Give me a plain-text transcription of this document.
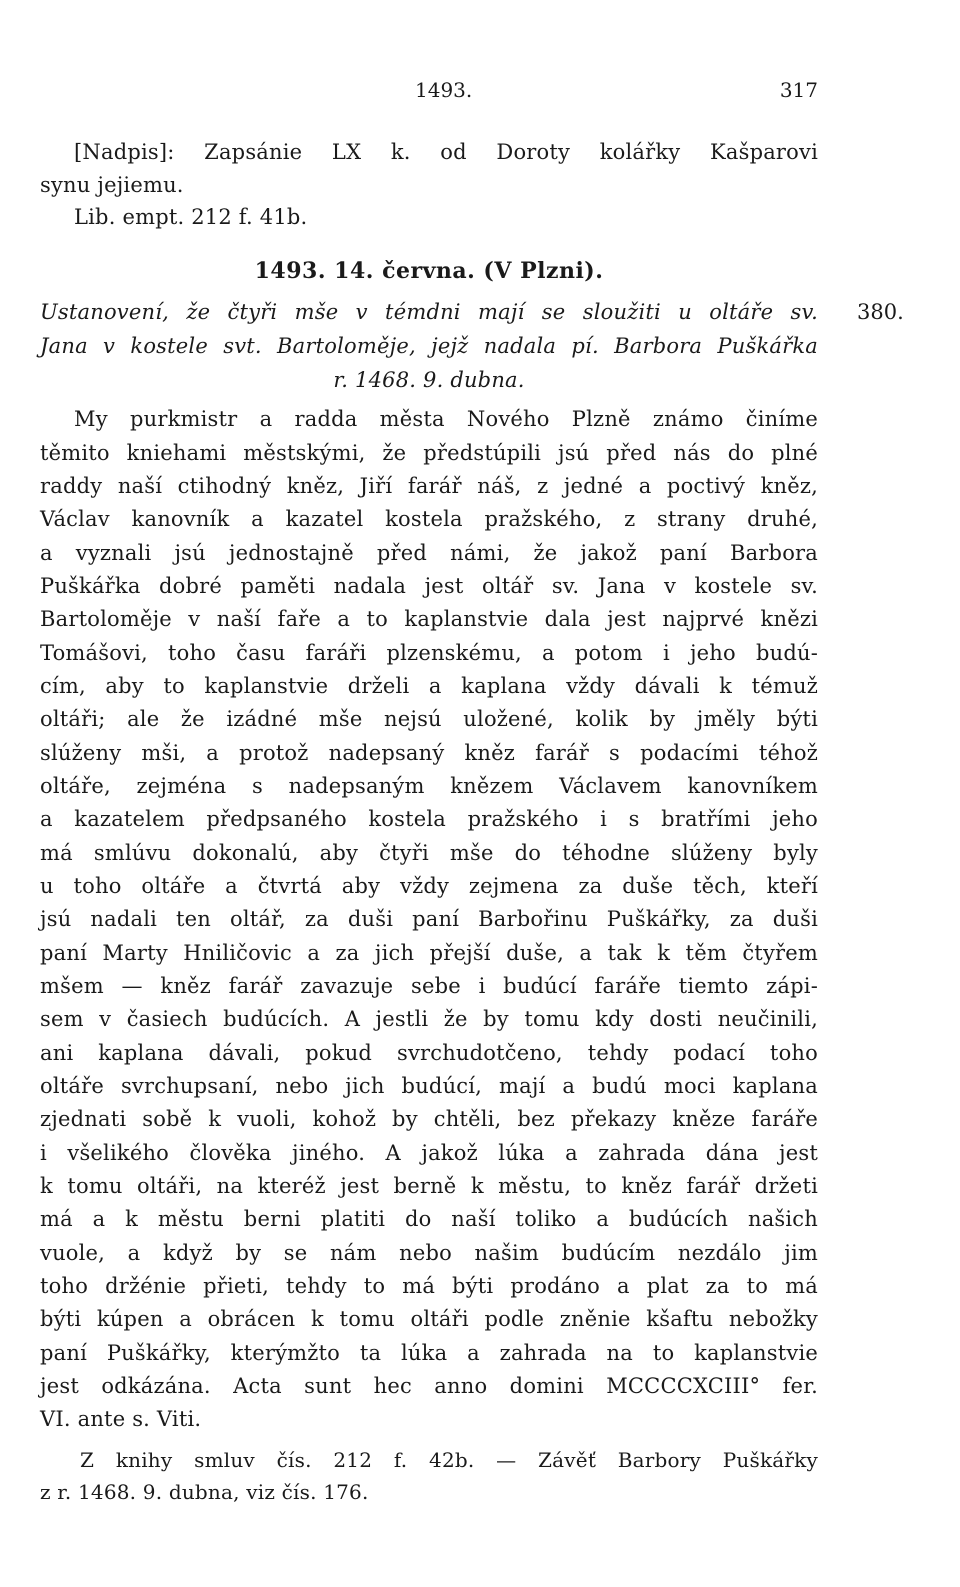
1493.	317
[Nadpis]: Zapsánie LX k. od Doroty kolářky Kašparovi
synu jejiemu.
Lib. empt. 212 f. 41b.
1493. 14. června. (V Plzni).
380.
Ustanovení, že čtyři mše v témdni mají se sloužiti u oltáře sv.
Jana v kostele svt. Bartoloměje, jejž nadala pí. Barbora Puškářka
r. 1468. 9. dubna.
My purkmistr a radda města Nového Plzně známo činíme
těmito kniehami městskými, že předstúpili jsú před nás do plné
raddy naší ctihodný kněz, Jiří farář náš, z jedné a poctivý kněz,
Václav kanovník a kazatel kostela pražského, z strany druhé,
a vyznali jsú jednostajně před námi, že jakož paní Barbora
Puškářka dobré paměti nadala jest oltář sv. Jana v kostele sv.
Bartoloměje v naší faře a to kaplanstvie dala jest najprvé knězi
Tomášovi, toho času faráři plzenskému, a potom i jeho budú-
cím, aby to kaplanstvie drželi a kaplana vždy dávali k témuž
oltáři; ale že izádné mše nejsú uložené, kolik by jměly býti
slúženy mši, a protož nadepsaný kněz farář s podacími téhož
oltáře, zejména s nadepsaným knězem Václavem kanovníkem
a kazatelem předpsaného kostela pražského i s bratřími jeho
má smlúvu dokonalú, aby čtyři mše do téhodne slúženy byly
u toho oltáře a čtvrtá aby vždy zejmena za duše těch, kteří
jsú nadali ten oltář, za duši paní Barbořinu Puškářky, za duši
paní Marty Hniličovic a za jich přejší duše, a tak k těm čtyřem
mšem — kněz farář zavazuje sebe i budúcí faráře tiemto zápi-
sem v časiech budúcích. A jestli že by tomu kdy dosti neučinili,
ani kaplana dávali, pokud svrchudotčeno, tehdy podací toho
oltáře svrchupsaní, nebo jich budúcí, mají a budú moci kaplana
zjednati sobě k vuoli, kohož by chtěli, bez překazy kněze faráře
i všelikého člověka jiného. A jakož lúka a zahrada dána jest
k tomu oltáři, na kteréž jest berně k městu, to kněz farář držeti
má a k městu berni platiti do naší toliko a budúcích našich
vuole, a když by se nám nebo našim budúcím nezdálo jim
toho držénie přieti, tehdy to má býti prodáno a plat za to má
býti kúpen a obrácen k tomu oltáři podle zněnie kšaftu nebožky
paní Puškářky, kterýmžto ta lúka a zahrada na to kaplanstvie
jest odkázána. Acta sunt hec anno domini MCCCCXCIII° fer.
VI. ante s. Viti.
Z knihy smluv čís. 212 f. 42b. — Závěť Barbory Puškářky
z r. 1468. 9. dubna, viz čís. 176.
